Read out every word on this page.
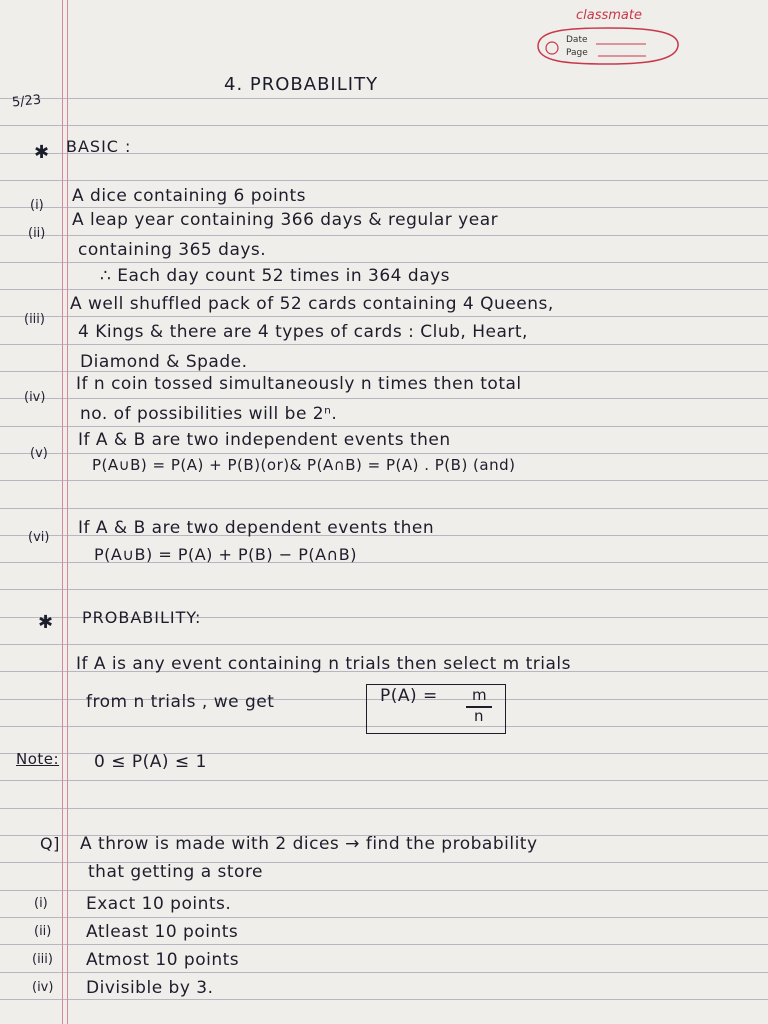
classmate
Date
Page
5/23
4. PROBABILITY
✱ BASIC :
(i) A dice containing 6 points
(ii)
A leap year containing 366 days & regular year
containing 365 days.
∴ Each day count 52 times in 364 days
(iii)
A well shuffled pack of 52 cards containing 4 Queens,
4 Kings & there are 4 types of cards : Club, Heart,
Diamond & Spade.
(iv)
If n coin tossed simultaneously n times then total
no. of possibilities will be 2ⁿ.
(v)
If A & B are two independent events then
P(A∪B) = P(A) + P(B)(or)& P(A∩B) = P(A) . P(B) (and)
(vi) If A & B are two dependent events then
P(A∪B) = P(A) + P(B) − P(A∩B)
✱ PROBABILITY:
If A is any event containing n trials then select m trials
from n trials , we get	P(A) = m
n
Note: 0 ≤ P(A) ≤ 1
Q] A throw is made with 2 dices → find the probability
that getting a store
(i) Exact 10 points.
(ii) Atleast 10 points
(iii) Atmost 10 points
(iv) Divisible by 3.
